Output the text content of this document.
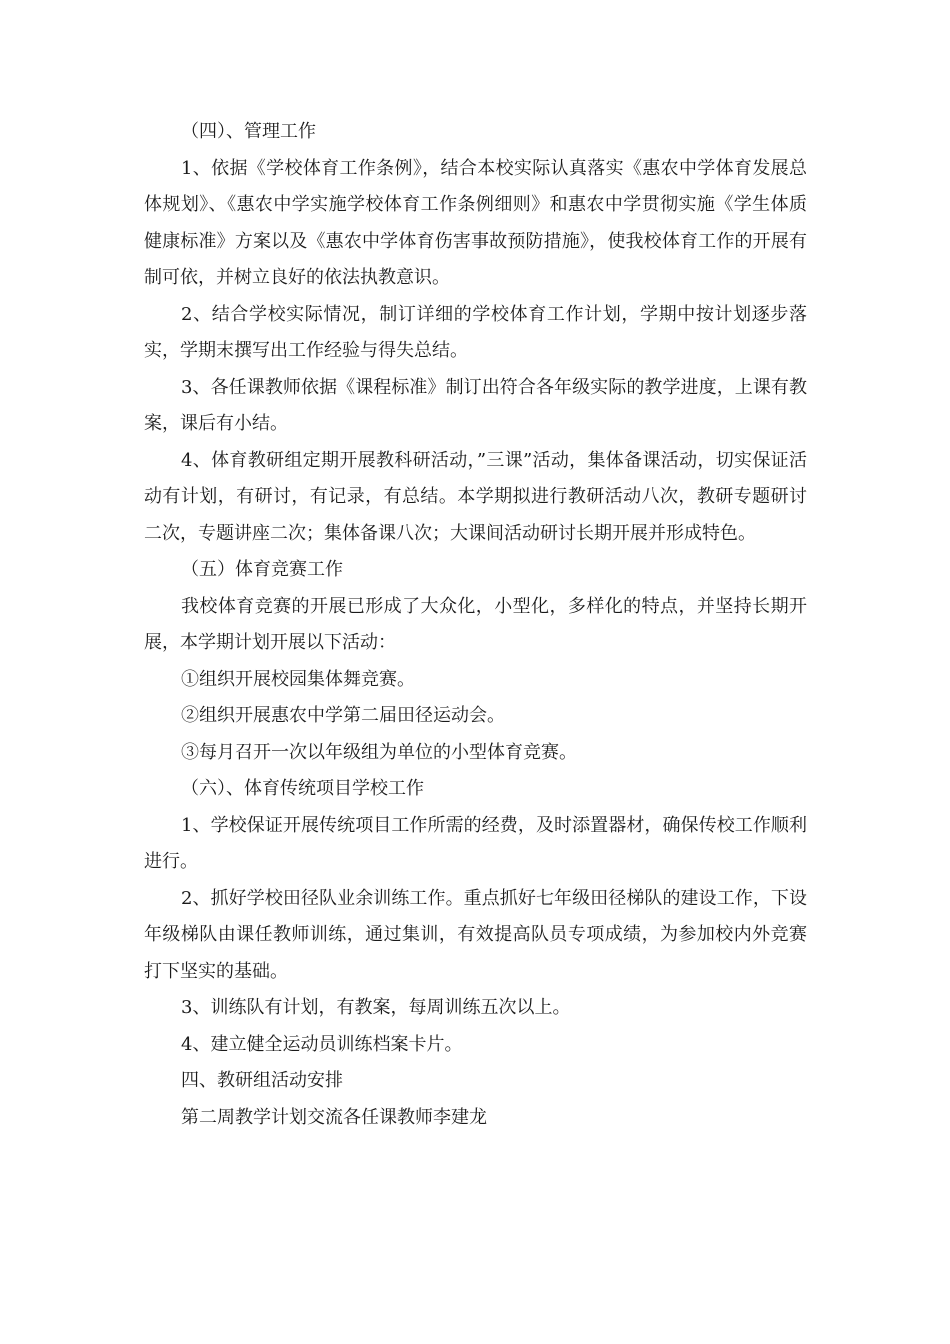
（四）、管理工作

1、依据《学校体育工作条例》，结合本校实际认真落实《惠农中学体育发展总体规划》、《惠农中学实施学校体育工作条例细则》和惠农中学贯彻实施《学生体质健康标准》方案以及《惠农中学体育伤害事故预防措施》，使我校体育工作的开展有制可依，并树立良好的依法执教意识。

2、结合学校实际情况，制订详细的学校体育工作计划，学期中按计划逐步落实，学期末撰写出工作经验与得失总结。

3、各任课教师依据《课程标准》制订出符合各年级实际的教学进度，上课有教案，课后有小结。

4、体育教研组定期开展教科研活动，”三课”活动，集体备课活动，切实保证活动有计划，有研讨，有记录，有总结。本学期拟进行教研活动八次，教研专题研讨二次，专题讲座二次；集体备课八次；大课间活动研讨长期开展并形成特色。

（五）体育竞赛工作

我校体育竞赛的开展已形成了大众化，小型化，多样化的特点，并坚持长期开展，本学期计划开展以下活动：

①组织开展校园集体舞竞赛。

②组织开展惠农中学第二届田径运动会。

③每月召开一次以年级组为单位的小型体育竞赛。

（六）、体育传统项目学校工作

1、学校保证开展传统项目工作所需的经费，及时添置器材，确保传校工作顺利进行。

2、抓好学校田径队业余训练工作。重点抓好七年级田径梯队的建设工作，下设年级梯队由课任教师训练，通过集训，有效提高队员专项成绩，为参加校内外竞赛打下坚实的基础。

3、训练队有计划，有教案，每周训练五次以上。

4、建立健全运动员训练档案卡片。

四、教研组活动安排

第二周教学计划交流各任课教师李建龙
